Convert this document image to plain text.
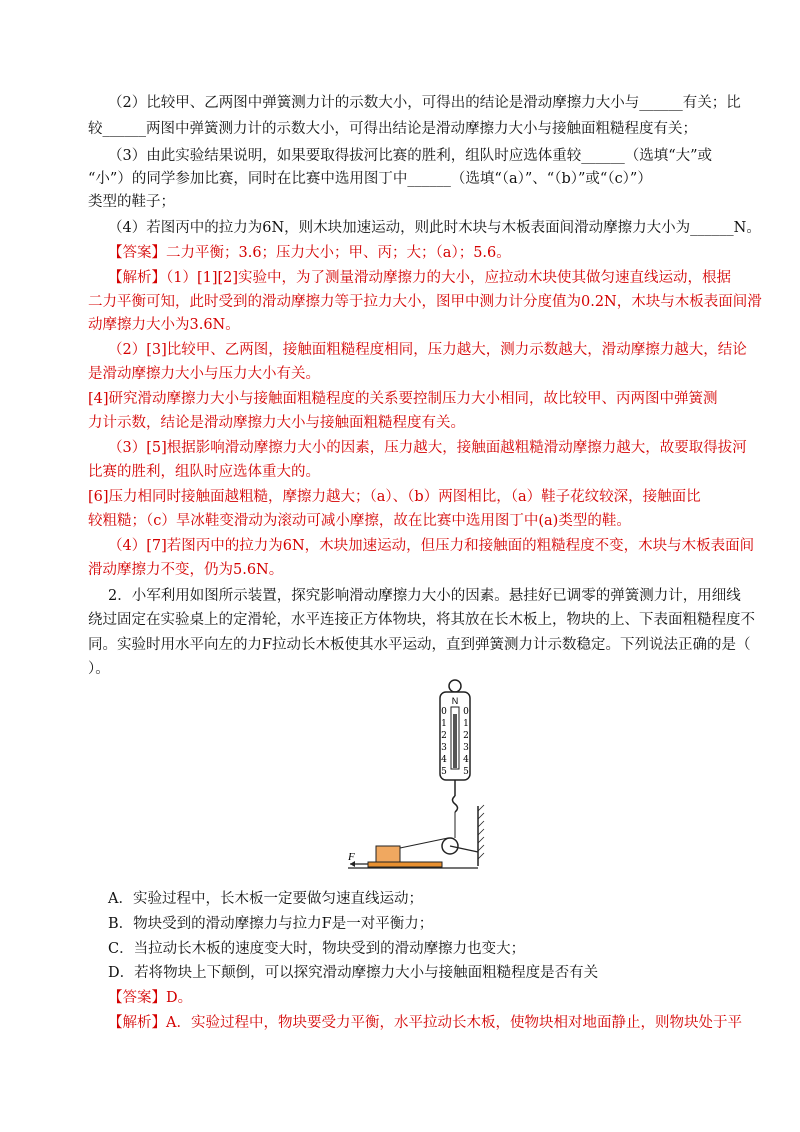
（2）比较甲、乙两图中弹簧测力计的示数大小，可得出的结论是滑动摩擦力大小与______有关；比
较______两图中弹簧测力计的示数大小，可得出结论是滑动摩擦力大小与接触面粗糙程度有关；
（3）由此实验结果说明，如果要取得拔河比赛的胜利，组队时应选体重较______（选填“大”或
“小”）的同学参加比赛，同时在比赛中选用图丁中______（选填“（a）”、“（b）”或“（c）”）
类型的鞋子；
（4）若图丙中的拉力为6N，则木块加速运动，则此时木块与木板表面间滑动摩擦力大小为______N。
【答案】二力平衡；3.6；压力大小；甲、丙；大；（a）；5.6。
【解析】（1）[1][2]实验中，为了测量滑动摩擦力的大小，应拉动木块使其做匀速直线运动，根据
二力平衡可知，此时受到的滑动摩擦力等于拉力大小，图甲中测力计分度值为0.2N，木块与木板表面间滑
动摩擦力大小为3.6N。
（2）[3]比较甲、乙两图，接触面粗糙程度相同，压力越大，测力示数越大，滑动摩擦力越大，结论
是滑动摩擦力大小与压力大小有关。
[4]研究滑动摩擦力大小与接触面粗糙程度的关系要控制压力大小相同，故比较甲、丙两图中弹簧测
力计示数，结论是滑动摩擦力大小与接触面粗糙程度有关。
（3）[5]根据影响滑动摩擦力大小的因素，压力越大，接触面越粗糙滑动摩擦力越大，故要取得拔河
比赛的胜利，组队时应选体重大的。
[6]压力相同时接触面越粗糙，摩擦力越大；（a）、（b）两图相比，（a）鞋子花纹较深，接触面比
较粗糙；（c）旱冰鞋变滑动为滚动可减小摩擦，故在比赛中选用图丁中(a)类型的鞋。
（4）[7]若图丙中的拉力为6N，木块加速运动，但压力和接触面的粗糙程度不变，木块与木板表面间
滑动摩擦力不变，仍为5.6N。
2．小军利用如图所示装置，探究影响滑动摩擦力大小的因素。悬挂好已调零的弹簧测力计，用细线
绕过固定在实验桌上的定滑轮，水平连接正方体物块，将其放在长木板上，物块的上、下表面粗糙程度不
同。实验时用水平向左的力F拉动长木板使其水平运动，直到弹簧测力计示数稳定。下列说法正确的是（
）。
N
0
1
2
3
4
5
0
1
2
3
4
5
F
A．实验过程中，长木板一定要做匀速直线运动；
B．物块受到的滑动摩擦力与拉力F是一对平衡力；
C．当拉动长木板的速度变大时，物块受到的滑动摩擦力也变大；
D．若将物块上下颠倒，可以探究滑动摩擦力大小与接触面粗糙程度是否有关
【答案】D。
【解析】A．实验过程中，物块要受力平衡，水平拉动长木板，使物块相对地面静止，则物块处于平
